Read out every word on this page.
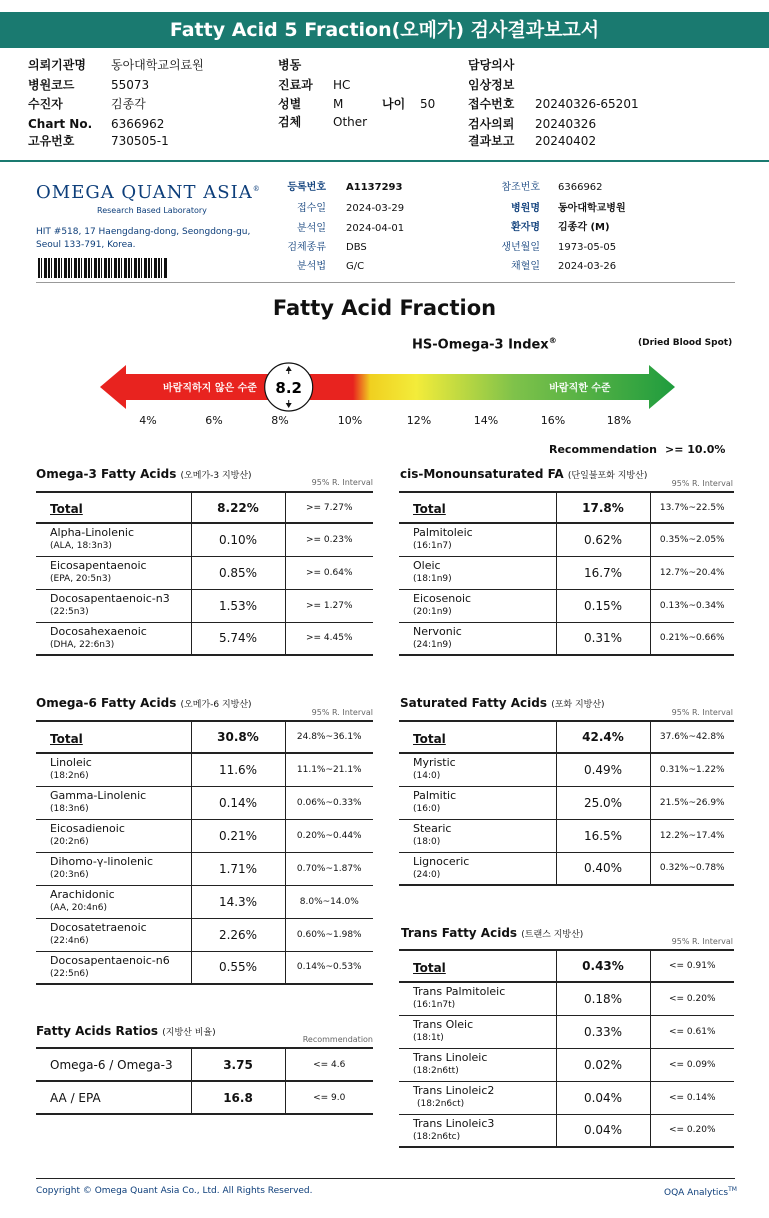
Fatty Acid 5 Fraction(오메가) 검사결과보고서
의뢰기관명 동아대학교의료원
병원코드	55073
수진자	김종각
Chart No. 6366962
고유번호	730505-1
병동
진료과 HC
성별	M
검체	Other
나이 50
담당의사
임상정보
접수번호 20240326-65201
검사의뢰 20240326
결과보고 20240402
OMEGA QUANT ASIA®
Research Based Laboratory
HIT #518, 17 Haengdang-dong, Seongdong-gu,
Seoul 133-791, Korea.
등록번호 A1137293
접수일 2024-03-29
분석일 2024-04-01
검체종류 DBS
분석법 G/C
참조번호 6366962
병원명 동아대학교병원
환자명 김종각 (M)
생년월일 1973-05-05
채혈일 2024-03-26
Fatty Acid Fraction
HS-Omega-3 Index®	(Dried Blood Spot)
바람직하지 않은 수준	바람직한 수준
8.2
4%	6%	8%	10%	12%	14%	16%	18%
Recommendation >= 10.0%
Omega-3 Fatty Acids (오메가-3 지방산)
95% R. Interval
Total	8.22%	>= 7.27%

Alpha-Linolenic
(ALA, 18:3n3)	0.10%	>= 0.23%

Eicosapentaenoic
(EPA, 20:5n3)	0.85%	>= 0.64%

Docosapentaenoic-n3
(22:5n3)	1.53%	>= 1.27%

Docosahexaenoic
(DHA, 22:6n3)	5.74%	>= 4.45%
cis-Monounsaturated FA (단일불포화 지방산)
95% R. Interval
Total	17.8%	13.7%~22.5%

Palmitoleic
(16:1n7)	0.62%	0.35%~2.05%

Oleic
(18:1n9)	16.7%	12.7%~20.4%

Eicosenoic
(20:1n9)	0.15%	0.13%~0.34%

Nervonic
(24:1n9)	0.31%	0.21%~0.66%
Omega-6 Fatty Acids (오메가-6 지방산)
95% R. Interval
Total	30.8%	24.8%~36.1%

Linoleic
(18:2n6)	11.6%	11.1%~21.1%

Gamma-Linolenic
(18:3n6)	0.14%	0.06%~0.33%

Eicosadienoic
(20:2n6)	0.21%	0.20%~0.44%

Dihomo-γ-linolenic
(20:3n6)	1.71%	0.70%~1.87%

Arachidonic
(AA, 20:4n6)	14.3%	8.0%~14.0%

Docosatetraenoic
(22:4n6)	2.26%	0.60%~1.98%

Docosapentaenoic-n6
(22:5n6)	0.55%	0.14%~0.53%
Saturated Fatty Acids (포화 지방산)
95% R. Interval
Total	42.4%	37.6%~42.8%

Myristic
(14:0)	0.49%	0.31%~1.22%

Palmitic
(16:0)	25.0%	21.5%~26.9%

Stearic
(18:0)	16.5%	12.2%~17.4%

Lignoceric
(24:0)	0.40%	0.32%~0.78%
Trans Fatty Acids (트랜스 지방산)
95% R. Interval
Total	0.43%	<= 0.91%

Trans Palmitoleic
(16:1n7t)	0.18%	<= 0.20%

Trans Oleic
(18:1t)	0.33%	<= 0.61%

Trans Linoleic
(18:2n6tt)	0.02%	<= 0.09%

Trans Linoleic2
(18:2n6ct)	0.04%	<= 0.14%

Trans Linoleic3
(18:2n6tc)	0.04%	<= 0.20%
Fatty Acids Ratios (지방산 비율)
Recommendation
Omega-6 / Omega-3	3.75	<= 4.6

AA / EPA	16.8	<= 9.0
Copyright © Omega Quant Asia Co., Ltd. All Rights Reserved.	OQA Analytics™
